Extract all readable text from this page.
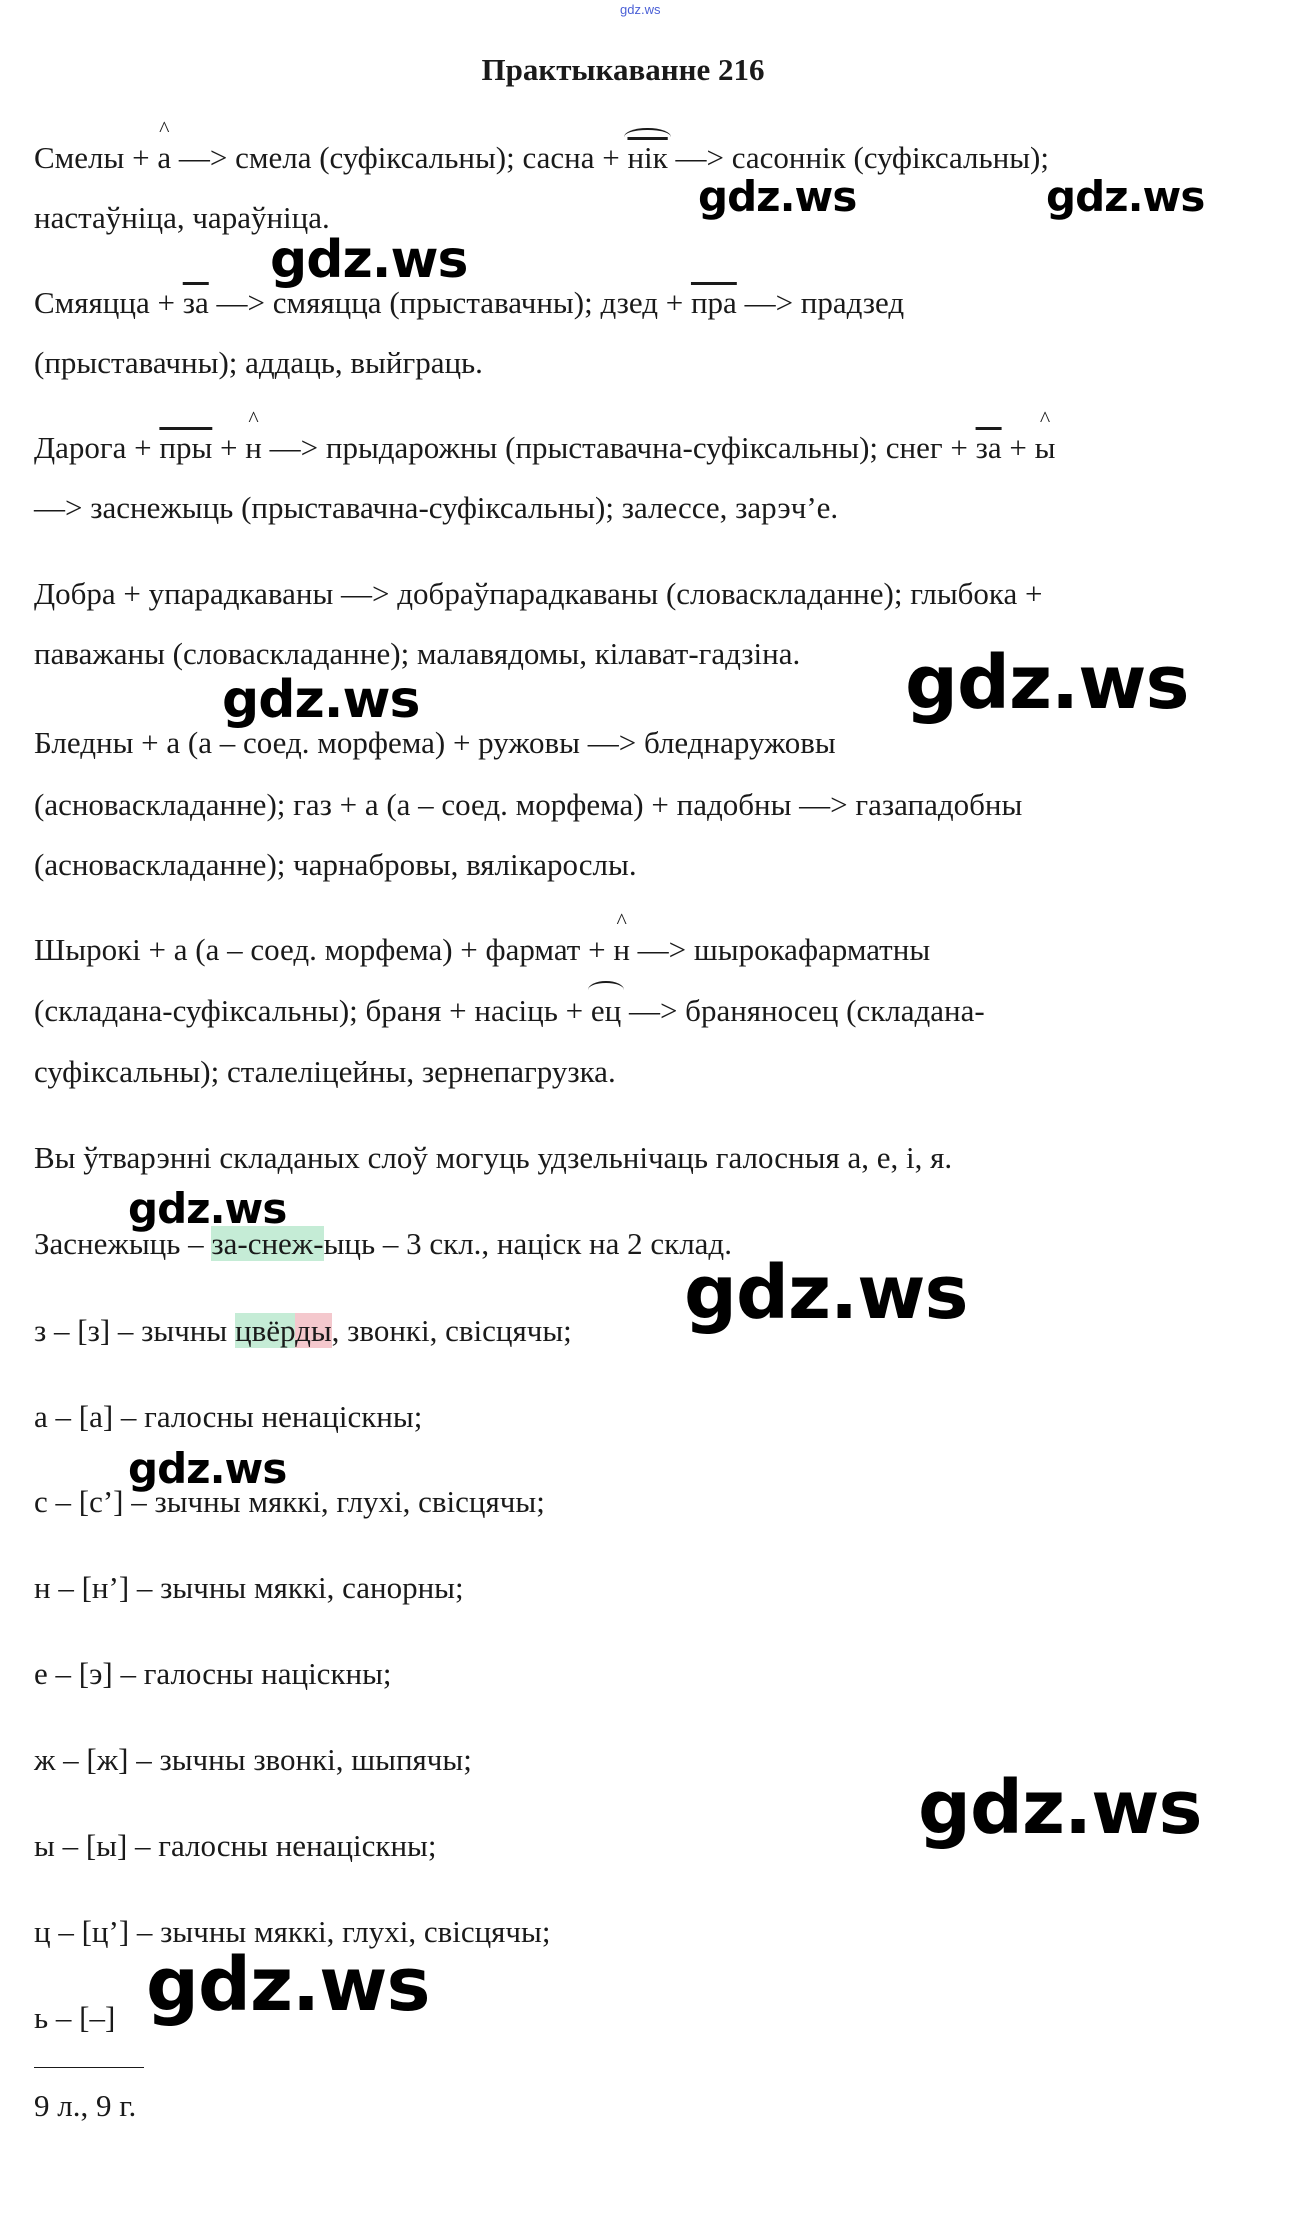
gdz.ws
Практыкаванне 216
Смелы +
^
а —> смела (суфіксальны); сасна +
нік —> сасоннік (суфіксальны);
настаўніца, чараўніца.
Смяяцца + за —> смяяцца (прыставачны); дзед + пра —> прадзед
(прыставачны); аддаць, выйграць.
Дарога + пры +
^
н —> прыдарожны (прыставачна-суфіксальны); снег + за +
^
ы
—> заснежыць (прыставачна-суфіксальны); залессе, зарэч’е.
Добра + упарадкаваны —> добраўпарадкаваны (словаскладанне); глыбока +
паважаны (словаскладанне); малавядомы, кілават-гадзіна.
Бледны + а (а – соед. морфема) + ружовы —> бледнаружовы
(асноваскладанне); газ + а (а – соед. морфема) + падобны —> газападобны
(асноваскладанне); чарнабровы, вялікарослы.
Шырокі + а (а – соед. морфема) + фармат +
^
н —> шырокафарматны
(складана-суфіксальны); браня + насіць +
ец —> браняносец (складана-
суфіксальны); сталеліцейны, зернепагрузка.
Вы ўтварэнні складаных слоў могуць удзельнічаць галосныя а, е, і, я.
Заснежыць – за-снеж-ыць – 3 скл., націск на 2 склад.
з – [з] – зычны цвёрды, звонкі, свісцячы;
а – [а] – галосны ненаціскны;
с – [с’] – зычны мяккі, глухі, свісцячы;
н – [н’] – зычны мяккі, санорны;
е – [э] – галосны націскны;
ж – [ж] – зычны звонкі, шыпячы;
ы – [ы] – галосны ненаціскны;
ц – [ц’] – зычны мяккі, глухі, свісцячы;
ь – [–]
9 л., 9 г.
gdz.ws	gdz.ws
gdz.ws
gdz.ws
gdz.ws
gdz.ws
gdz.ws
gdz.ws
gdz.ws
gdz.ws
